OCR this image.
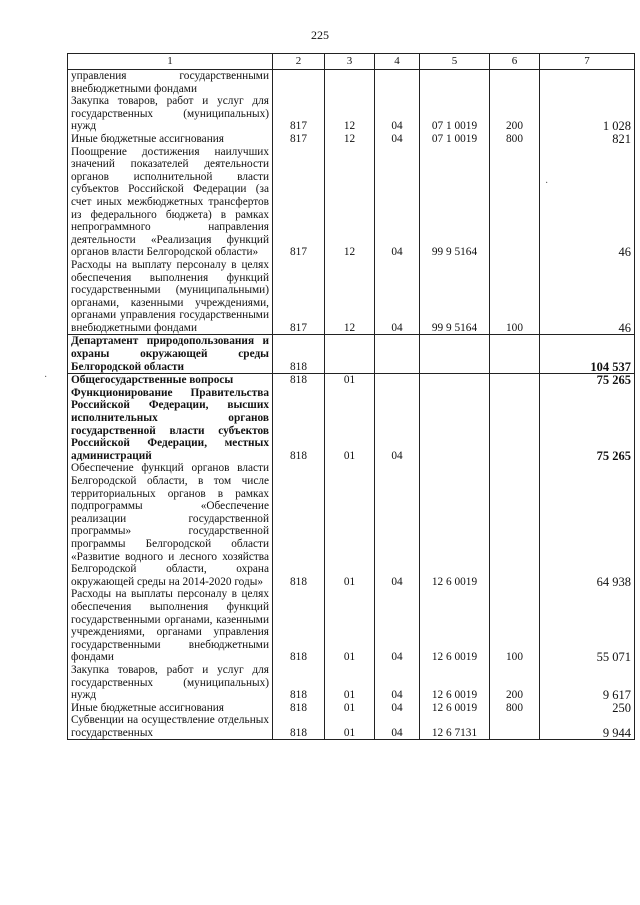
225
1	2	3	4	5	6	7
управления государственными внебюджетными фондами						
Закупка товаров, работ и услуг для государственных (муниципальных) нужд	817	12	04	07 1 0019	200	1 028
Иные бюджетные ассигнования	817	12	04	07 1 0019	800	821
Поощрение достижения наилучших значений показателей деятельности органов исполнительной власти субъектов Российской Федерации (за счет иных межбюджетных трансфертов из федерального бюджета) в рамках непрограммного направления деятельности «Реализация функций органов власти Белгородской области»	817	12	04	99 9 5164		46
Расходы на выплату персоналу в целях обеспечения выполнения функций государственными (муниципальными) органами, казенными учреждениями, органами управления государственными внебюджетными фондами	817	12	04	99 9 5164	100	46
Департамент природопользования и охраны окружающей среды Белгородской области	818					104 537
Общегосударственные вопросы	818	01				75 265
Функционирование Правительства Российской Федерации, высших исполнительных органов государственной власти субъектов Российской Федерации, местных администраций	818	01	04			75 265
Обеспечение функций органов власти Белгородской области, в том числе территориальных органов в рамках подпрограммы «Обеспечение реализации государственной программы» государственной программы Белгородской области «Развитие водного и лесного хозяйства Белгородской области, охрана окружающей среды на 2014-2020 годы»	818	01	04	12 6 0019		64 938
Расходы на выплаты персоналу в целях обеспечения выполнения функций государственными органами, казенными учреждениями, органами управления государственными внебюджетными фондами	818	01	04	12 6 0019	100	55 071
Закупка товаров, работ и услуг для государственных (муниципальных) нужд	818	01	04	12 6 0019	200	9 617
Иные бюджетные ассигнования	818	01	04	12 6 0019	800	250
Субвенции на осуществление отдельных государственных	818	01	04	12 6 7131		9 944
·
·
